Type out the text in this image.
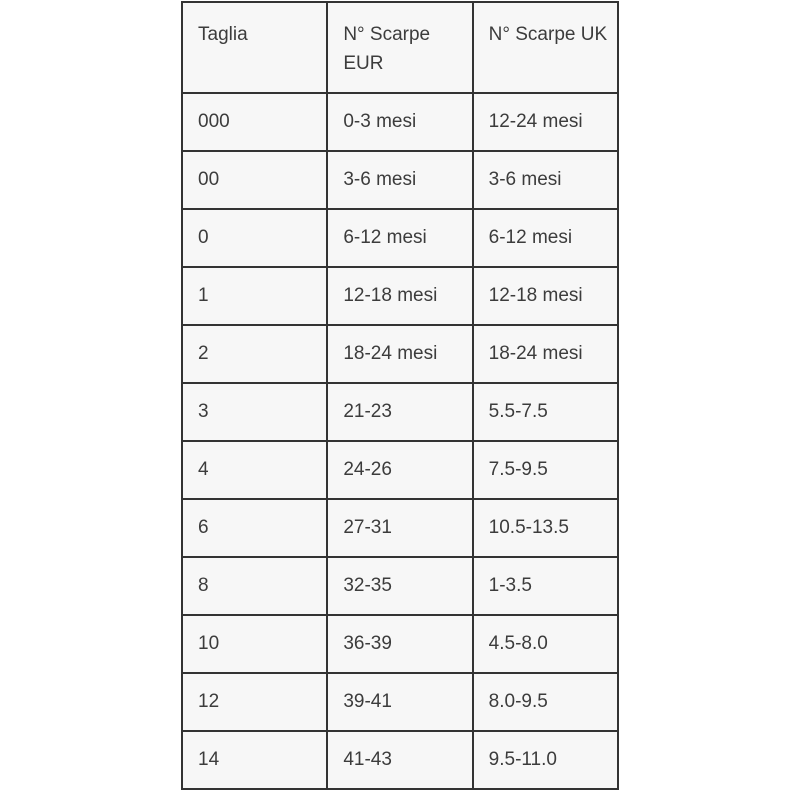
Taglia	N° Scarpe EUR	N° Scarpe UK
000	0-3 mesi	12-24 mesi
00	3-6 mesi	3-6 mesi
0	6-12 mesi	6-12 mesi
1	12-18 mesi	12-18 mesi
2	18-24 mesi	18-24 mesi
3	21-23	5.5-7.5
4	24-26	7.5-9.5
6	27-31	10.5-13.5
8	32-35	1-3.5
10	36-39	4.5-8.0
12	39-41	8.0-9.5
14	41-43	9.5-11.0
